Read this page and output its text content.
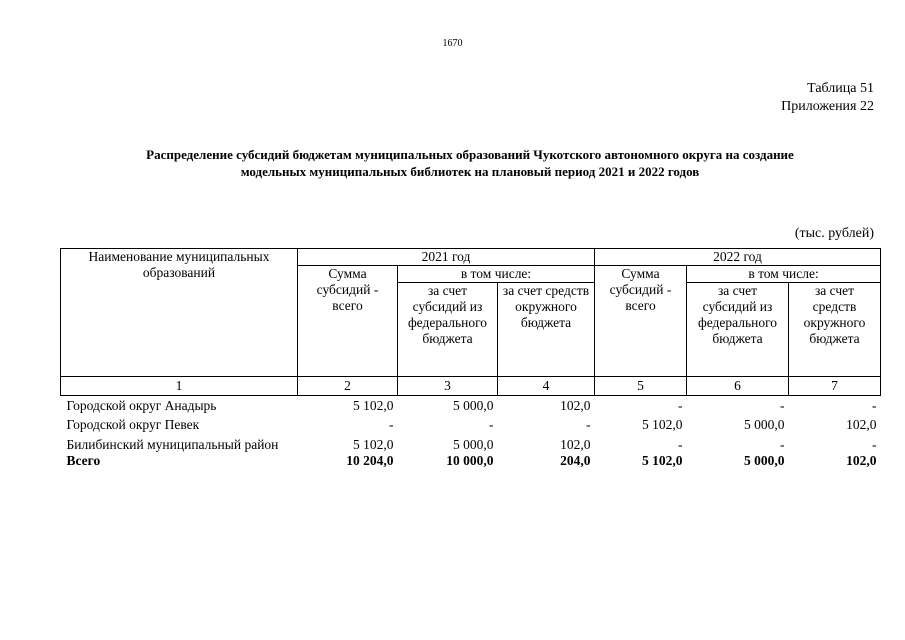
1670
Таблица 51
Приложения 22
Распределение субсидий бюджетам муниципальных образований Чукотского автономного округа на создание
модельных муниципальных библиотек на плановый период 2021 и 2022 годов
(тыс. рублей)
Наименование муниципальных образований	2021 год			2022 год		
	Сумма субсидий - всего	в том числе:		Сумма субсидий - всего	в том числе:	
		за счет субсидий из федерального бюджета	за счет средств окружного бюджета		за счет субсидий из федерального бюджета	за счет средств окружного бюджета
1	2	3	4	5	6	7
Городской округ Анадырь	5 102,0	5 000,0	102,0	-	-	-
Городской округ Певек	-	-	-	5 102,0	5 000,0	102,0
Билибинский муниципальный район	5 102,0	5 000,0	102,0	-	-	-
Всего	10 204,0	10 000,0	204,0	5 102,0	5 000,0	102,0
